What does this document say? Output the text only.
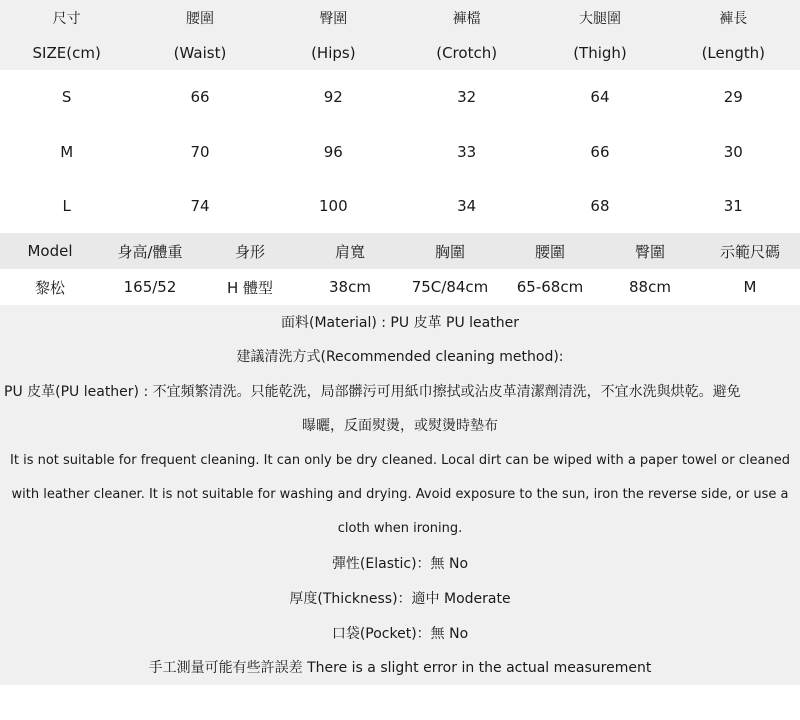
尺寸	腰圍	臀圍	褲檔	大腿圍	褲長
SIZE(cm)	(Waist)	(Hips)	(Crotch)	(Thigh)	(Length)
S	66	92	32	64	29
M	70	96	33	66	30
L	74	100	34	68	31
Model	身高/體重	身形	肩寬	胸圍	腰圍	臀圍	示範尺碼
黎松	165/52	H 體型	38cm	75C/84cm	65-68cm	88cm	M
面料(Material) : PU 皮革 PU leather
建議清洗方式(Recommended cleaning method):
PU 皮革(PU leather) : 不宜頻繁清洗。只能乾洗，局部髒污可用紙巾擦拭或沾皮革清潔劑清洗，不宜水洗與烘乾。避免
曝曬，反面熨燙，或熨燙時墊布
It is not suitable for frequent cleaning. It can only be dry cleaned. Local dirt can be wiped with a paper towel or cleaned
with leather cleaner. It is not suitable for washing and drying. Avoid exposure to the sun, iron the reverse side, or use a
cloth when ironing.
彈性(Elastic)：無 No
厚度(Thickness)：適中 Moderate
口袋(Pocket)：無 No
手工測量可能有些許誤差 There is a slight error in the actual measurement
